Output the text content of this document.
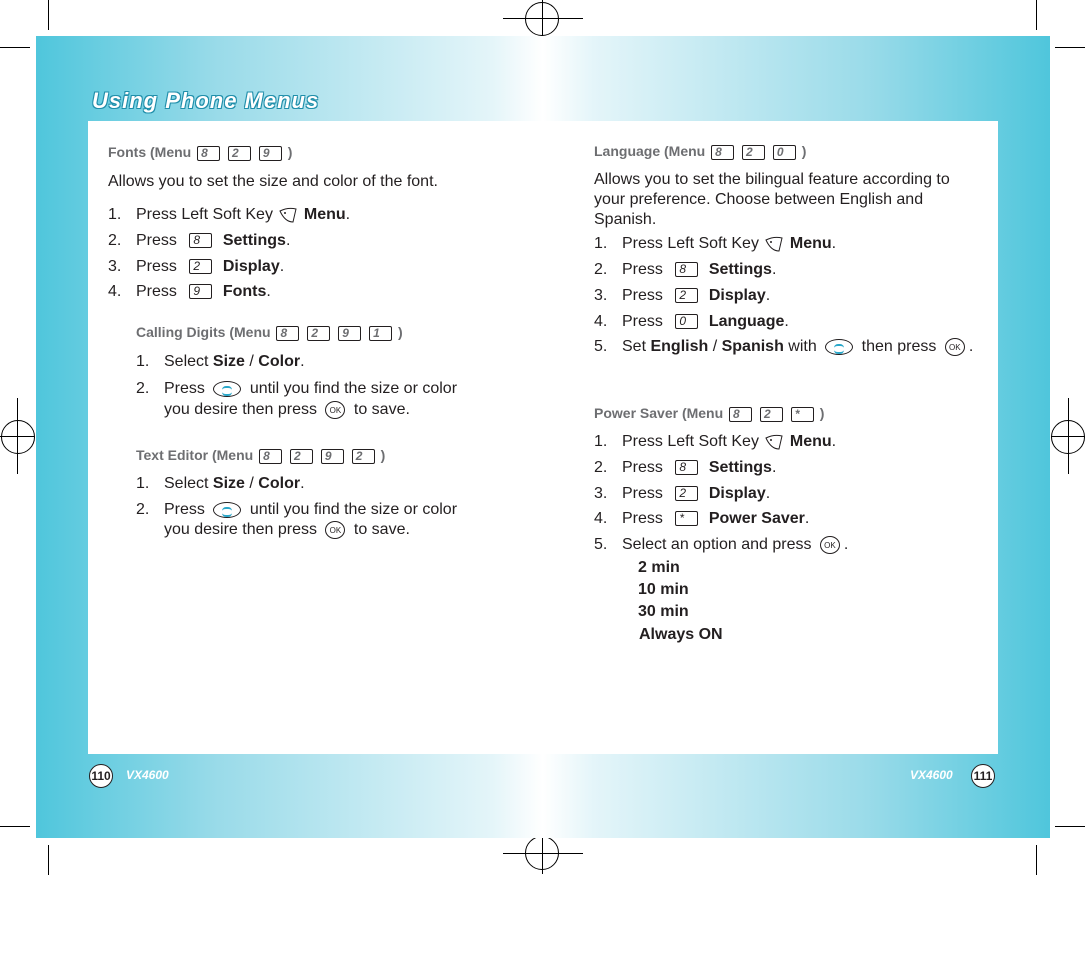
Using Phone Menus
Fonts (Menu 8
2
9 )
Allows you to set the size and color of the font.
1. Press Left Soft Key Menu.
2. Press 8 Settings.
3. Press 2 Display.
4. Press 9 Fonts.
Calling Digits (Menu 8
2
9
1 )
1. Select Size / Color.
2. Press	until you find the size or color
you desire then press OK to save.
Text Editor (Menu 8
2
9
2 )
1. Select Size / Color.
2. Press	until you find the size or color
you desire then press OK to save.
Language (Menu 8
2
0 )
Allows you to set the bilingual feature according to your preference. Choose between English and Spanish.
1. Press Left Soft Key Menu.
2. Press 8 Settings.
3. Press 2 Display.
4. Press 0 Language.
5. Set English / Spanish with	then press OK .
Power Saver (Menu 8
2
* )
1. Press Left Soft Key Menu.
2. Press 8 Settings.
3. Press 2 Display.
4. Press * Power Saver.
5. Select an option and press OK .
2 min
10 min
30 min
Always ON
110 VX4600	VX4600 111
